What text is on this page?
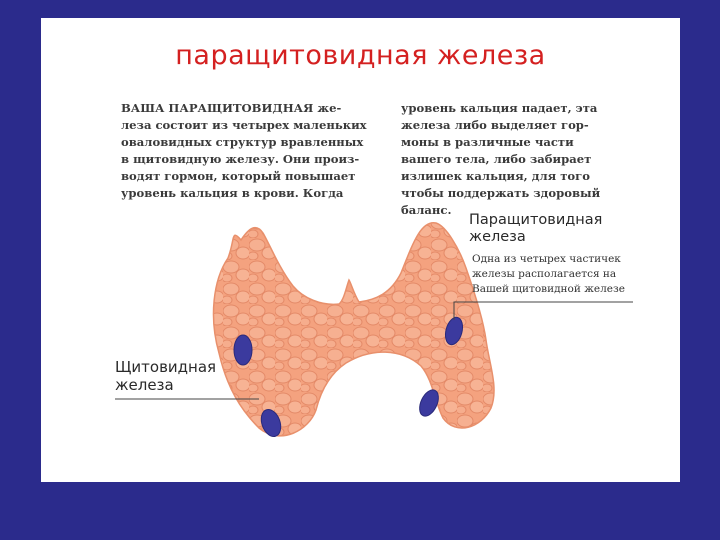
паращитовидная железа
ВАША ПАРАЩИТОВИДНАЯ же-
леза состоит из четырех маленьких
оваловидных структур вравленных
в щитовидную железу. Они произ-
водят гормон, который повышает
уровень кальция в крови. Когда
уровень кальция падает, эта
железа либо выделяет гор-
моны в различные части
вашего тела, либо забирает
излишек кальция, для того
чтобы поддержать здоровый
баланс.
Паращитовидная
железа
Одна из четырех частичек
железы располагается на
Вашей щитовидной железе
Щитовидная
железа
